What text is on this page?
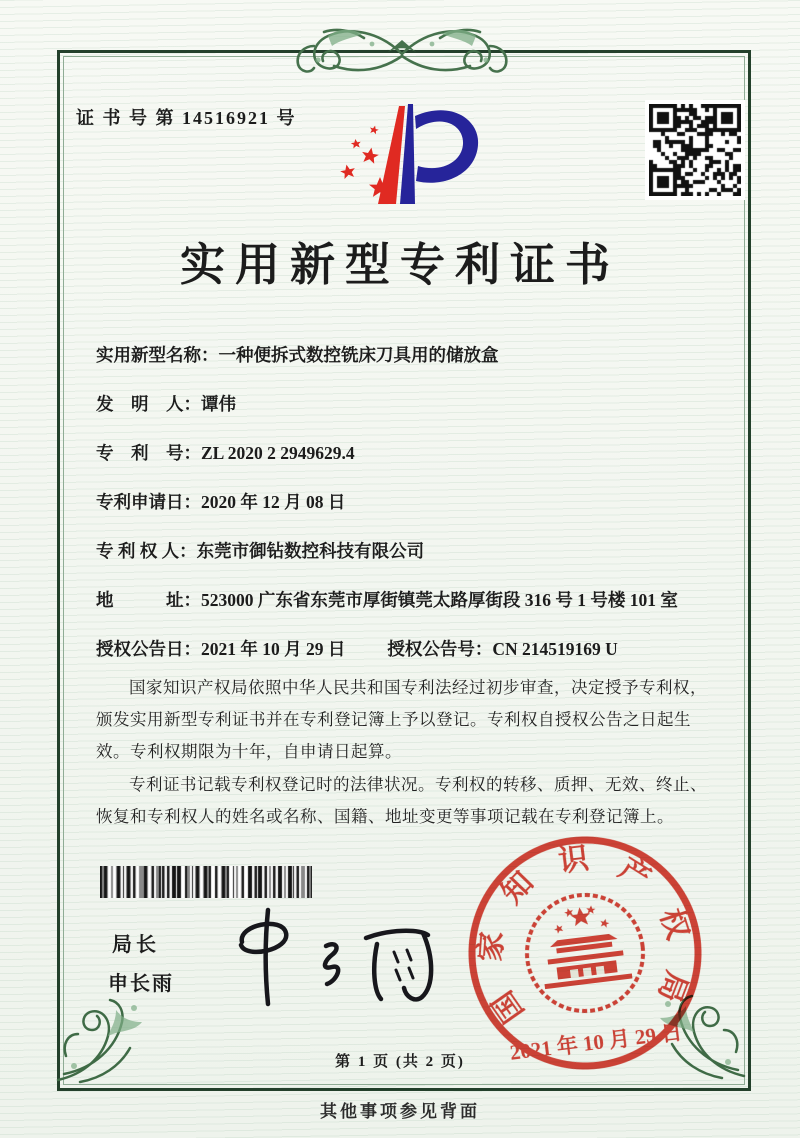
证 书 号 第 14516921 号
实用新型专利证书
实用新型名称： 一种便拆式数控铣床刀具用的储放盒
发　明　人： 谭伟
专　利　号： ZL 2020 2 2949629.4
专利申请日： 2020 年 12 月 08 日
专 利 权 人： 东莞市御钻数控科技有限公司
地　　　址： 523000 广东省东莞市厚街镇莞太路厚街段 316 号 1 号楼 101 室
授权公告日： 2021 年 10 月 29 日 授权公告号： CN 214519169 U

国家知识产权局依照中华人民共和国专利法经过初步审查，决定授予专利权，颁发实用新型专利证书并在专利登记簿上予以登记。专利权自授权公告之日起生效。专利权期限为十年，自申请日起算。

专利证书记载专利权登记时的法律状况。专利权的转移、质押、无效、终止、恢复和专利权人的姓名或名称、国籍、地址变更等事项记载在专利登记簿上。

局长
申长雨
国
家
知
识 产
权
局
2021 年 10 月 29 日
第 1 页 (共 2 页)
其他事项参见背面
